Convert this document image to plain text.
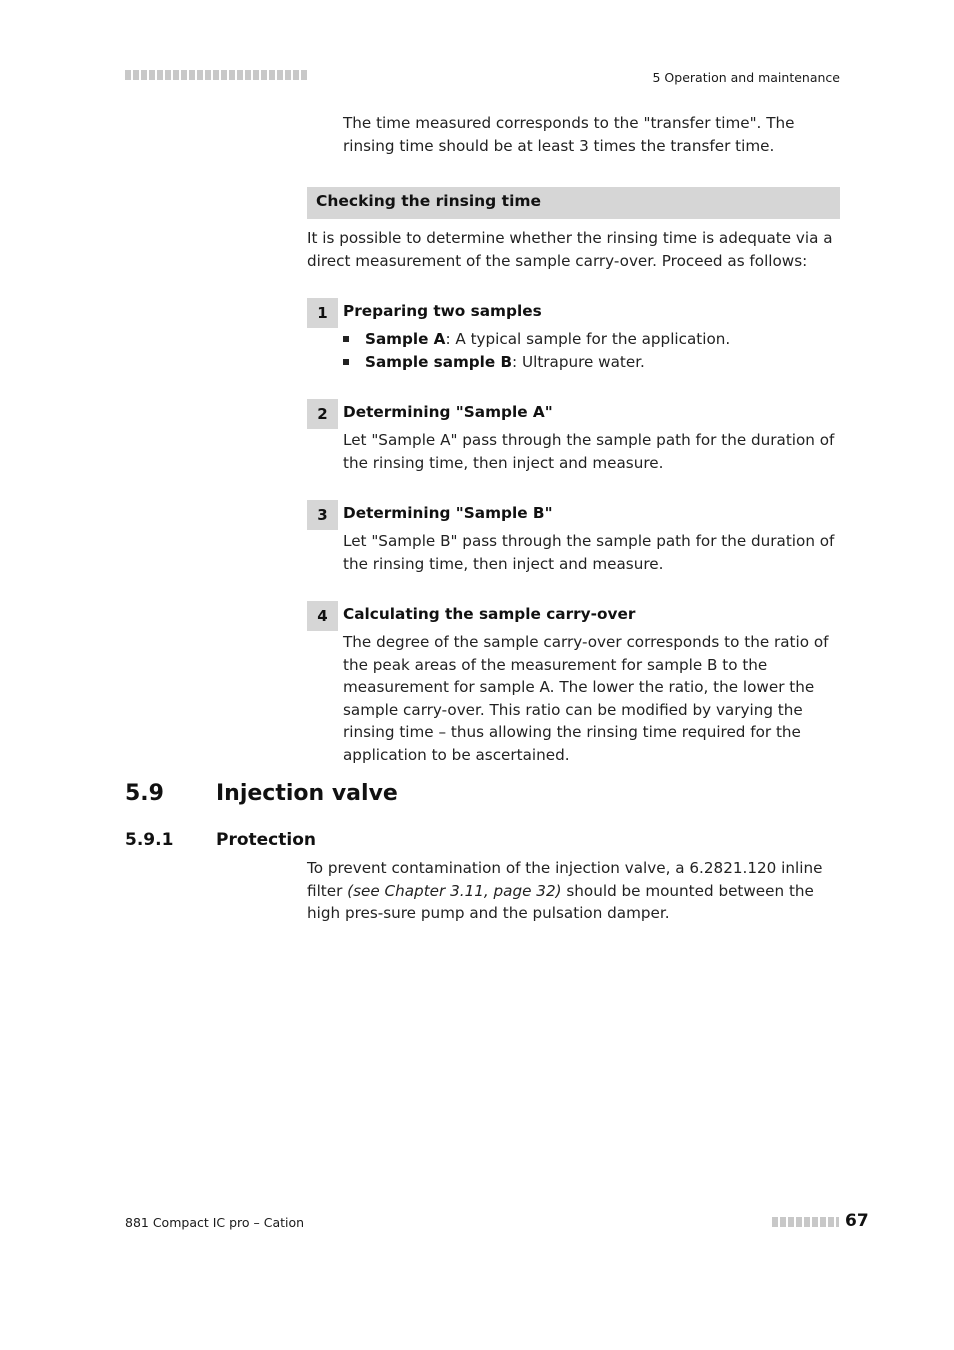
5 Operation and maintenance
The time measured corresponds to the "transfer time". The rinsing time should be at least 3 times the transfer time.
Checking the rinsing time
It is possible to determine whether the rinsing time is adequate via a direct measurement of the sample carry-over. Proceed as follows:
1 Preparing two samples
Sample A: A typical sample for the application.
Sample sample B: Ultrapure water.
2 Determining "Sample A"
Let "Sample A" pass through the sample path for the duration of the rinsing time, then inject and measure.
3 Determining "Sample B"
Let "Sample B" pass through the sample path for the duration of the rinsing time, then inject and measure.
4 Calculating the sample carry-over
The degree of the sample carry-over corresponds to the ratio of the peak areas of the measurement for sample B to the measurement for sample A. The lower the ratio, the lower the sample carry-over. This ratio can be modified by varying the rinsing time – thus allowing the rinsing time required for the application to be ascertained.
5.9 Injection valve
5.9.1	Protection
To prevent contamination of the injection valve, a 6.2821.120 inline filter (see Chapter 3.11, page 32) should be mounted between the high pres-sure pump and the pulsation damper.
881 Compact IC pro – Cation	67
